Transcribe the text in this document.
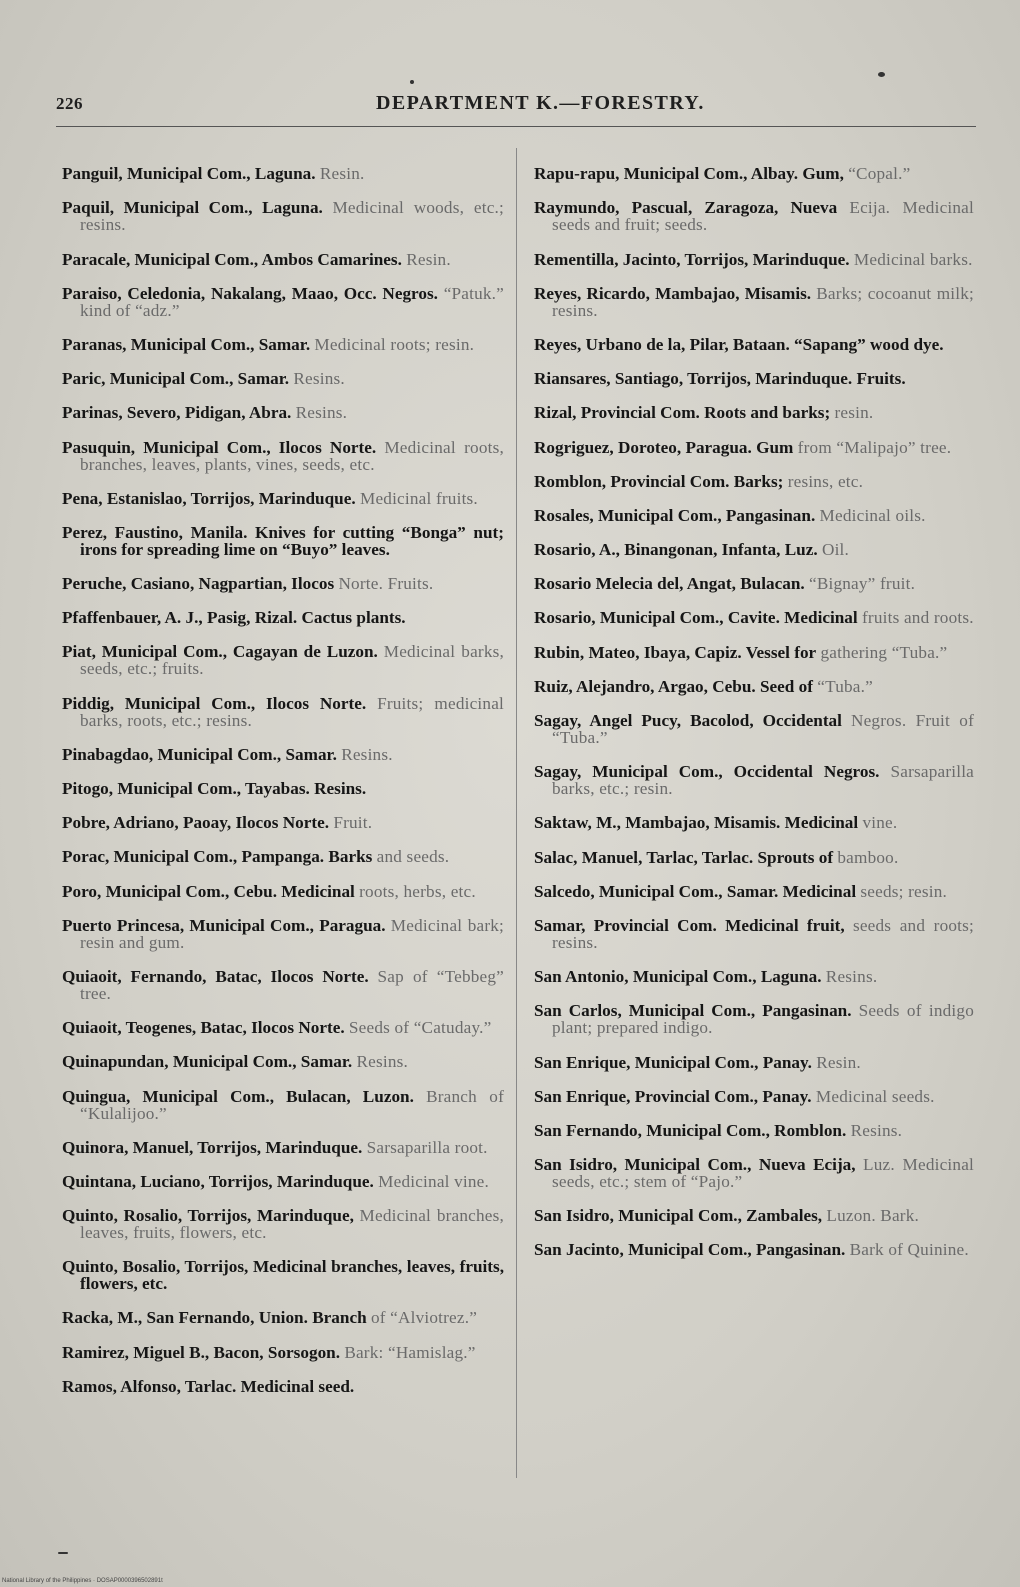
226	DEPARTMENT K.—FORESTRY.

Panguil, Municipal Com., Laguna. Resin.

Paquil, Municipal Com., Laguna. Medicinal woods, etc.; resins.

Paracale, Municipal Com., Ambos Camarines. Resin.

Paraiso, Celedonia, Nakalang, Maao, Occ. Negros. “Patuk.” kind of “adz.”

Paranas, Municipal Com., Samar. Medicinal roots; resin.

Paric, Municipal Com., Samar. Resins.

Parinas, Severo, Pidigan, Abra. Resins.

Pasuquin, Municipal Com., Ilocos Norte. Medicinal roots, branches, leaves, plants, vines, seeds, etc.

Pena, Estanislao, Torrijos, Marinduque. Medicinal fruits.

Perez, Faustino, Manila. Knives for cutting “Bonga” nut; irons for spreading lime on “Buyo” leaves.

Peruche, Casiano, Nagpartian, Ilocos Norte. Fruits.

Pfaffenbauer, A. J., Pasig, Rizal. Cactus plants.

Piat, Municipal Com., Cagayan de Luzon. Medicinal barks, seeds, etc.; fruits.

Piddig, Municipal Com., Ilocos Norte. Fruits; medicinal barks, roots, etc.; resins.

Pinabagdao, Municipal Com., Samar. Resins.

Pitogo, Municipal Com., Tayabas. Resins.

Pobre, Adriano, Paoay, Ilocos Norte. Fruit.

Porac, Municipal Com., Pampanga. Barks and seeds.

Poro, Municipal Com., Cebu. Medicinal roots, herbs, etc.

Puerto Princesa, Municipal Com., Paragua. Medicinal bark; resin and gum.

Quiaoit, Fernando, Batac, Ilocos Norte. Sap of “Tebbeg” tree.

Quiaoit, Teogenes, Batac, Ilocos Norte. Seeds of “Catuday.”

Quinapundan, Municipal Com., Samar. Resins.

Quingua, Municipal Com., Bulacan, Luzon. Branch of “Kulalijoo.”

Quinora, Manuel, Torrijos, Marinduque. Sarsaparilla root.

Quintana, Luciano, Torrijos, Marinduque. Medicinal vine.

Quinto, Rosalio, Torrijos, Marinduque, Medicinal branches, leaves, fruits, flowers, etc.

Quinto, Bosalio, Torrijos, Medicinal branches, leaves, fruits, flowers, etc.

Racka, M., San Fernando, Union. Branch of “Alviotrez.”

Ramirez, Miguel B., Bacon, Sorsogon. Bark: “Hamislag.”

Ramos, Alfonso, Tarlac. Medicinal seed.

Rapu-rapu, Municipal Com., Albay. Gum, “Copal.”

Raymundo, Pascual, Zaragoza, Nueva Ecija. Medicinal seeds and fruit; seeds.

Rementilla, Jacinto, Torrijos, Marinduque. Medicinal barks.

Reyes, Ricardo, Mambajao, Misamis. Barks; cocoanut milk; resins.

Reyes, Urbano de la, Pilar, Bataan. “Sapang” wood dye.

Riansares, Santiago, Torrijos, Marinduque. Fruits.

Rizal, Provincial Com. Roots and barks; resin.

Rogriguez, Doroteo, Paragua. Gum from “Malipajo” tree.

Romblon, Provincial Com. Barks; resins, etc.

Rosales, Municipal Com., Pangasinan. Medicinal oils.

Rosario, A., Binangonan, Infanta, Luz. Oil.

Rosario Melecia del, Angat, Bulacan. “Bignay” fruit.

Rosario, Municipal Com., Cavite. Medicinal fruits and roots.

Rubin, Mateo, Ibaya, Capiz. Vessel for gathering “Tuba.”

Ruiz, Alejandro, Argao, Cebu. Seed of “Tuba.”

Sagay, Angel Pucy, Bacolod, Occidental Negros. Fruit of “Tuba.”

Sagay, Municipal Com., Occidental Negros. Sarsaparilla barks, etc.; resin.

Saktaw, M., Mambajao, Misamis. Medicinal vine.

Salac, Manuel, Tarlac, Tarlac. Sprouts of bamboo.

Salcedo, Municipal Com., Samar. Medicinal seeds; resin.

Samar, Provincial Com. Medicinal fruit, seeds and roots; resins.

San Antonio, Municipal Com., Laguna. Resins.

San Carlos, Municipal Com., Pangasinan. Seeds of indigo plant; prepared indigo.

San Enrique, Municipal Com., Panay. Resin.

San Enrique, Provincial Com., Panay. Medicinal seeds.

San Fernando, Municipal Com., Romblon. Resins.

San Isidro, Municipal Com., Nueva Ecija, Luz. Medicinal seeds, etc.; stem of “Pajo.”

San Isidro, Municipal Com., Zambales, Luzon. Bark.

San Jacinto, Municipal Com., Pangasinan. Bark of Quinine.

National Library of the Philippines · DOSAP0000396502891t
